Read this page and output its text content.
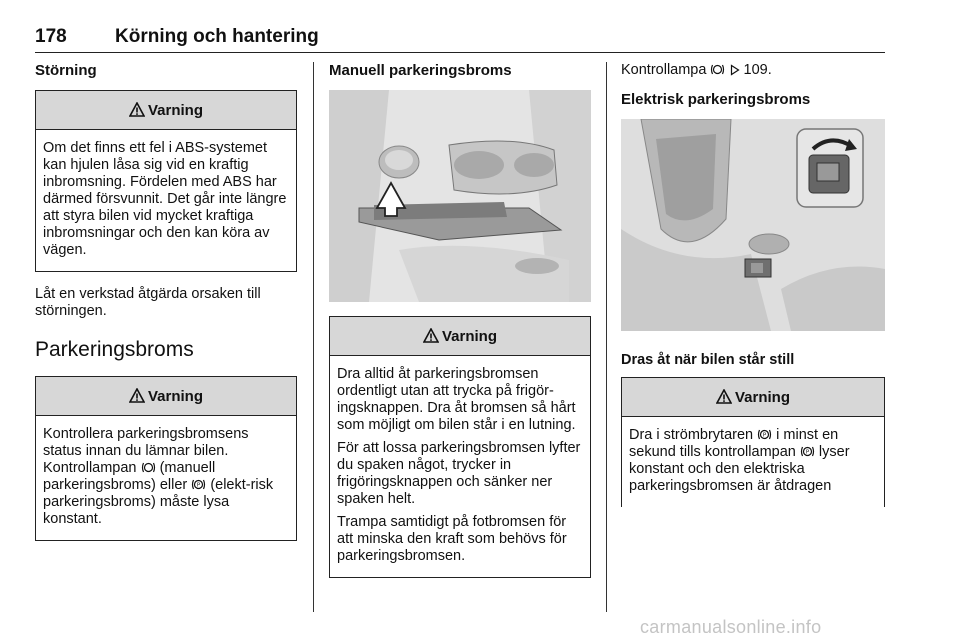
178	Körning och hantering
Störning
Varning

Om det finns ett fel i ABS-systemet kan hjulen låsa sig vid en kraftig inbromsning. Fördelen med ABS har därmed försvunnit. Det går inte längre att styra bilen vid mycket kraftiga inbromsningar och den kan köra av vägen.

Låt en verkstad åtgärda orsaken till störningen.

Parkeringsbroms
Varning

Kontrollera parkeringsbromsens status innan du lämnar bilen. Kontrollampan (manuell parkeringsbroms) eller P (elekt-risk parkeringsbroms) måste lysa konstant.

Manuell parkeringsbroms
Varning

Dra alltid åt parkeringsbromsen ordentligt utan att trycka på frigör-ingsknappen. Dra åt bromsen så hårt som möjligt om bilen står i en lutning.

För att lossa parkeringsbromsen lyfter du spaken något, trycker in frigöringsknappen och sänker ner spaken helt.

Trampa samtidigt på fotbromsen för att minska den kraft som behövs för parkeringsbromsen.

Kontrollampa	109.

Elektrisk parkeringsbroms
Dras åt när bilen står still
Varning

Dra i strömbrytaren P i minst en sekund tills kontrollampan P lyser konstant och den elektriska parkeringsbromsen är åtdragen

carmanualsonline.info
